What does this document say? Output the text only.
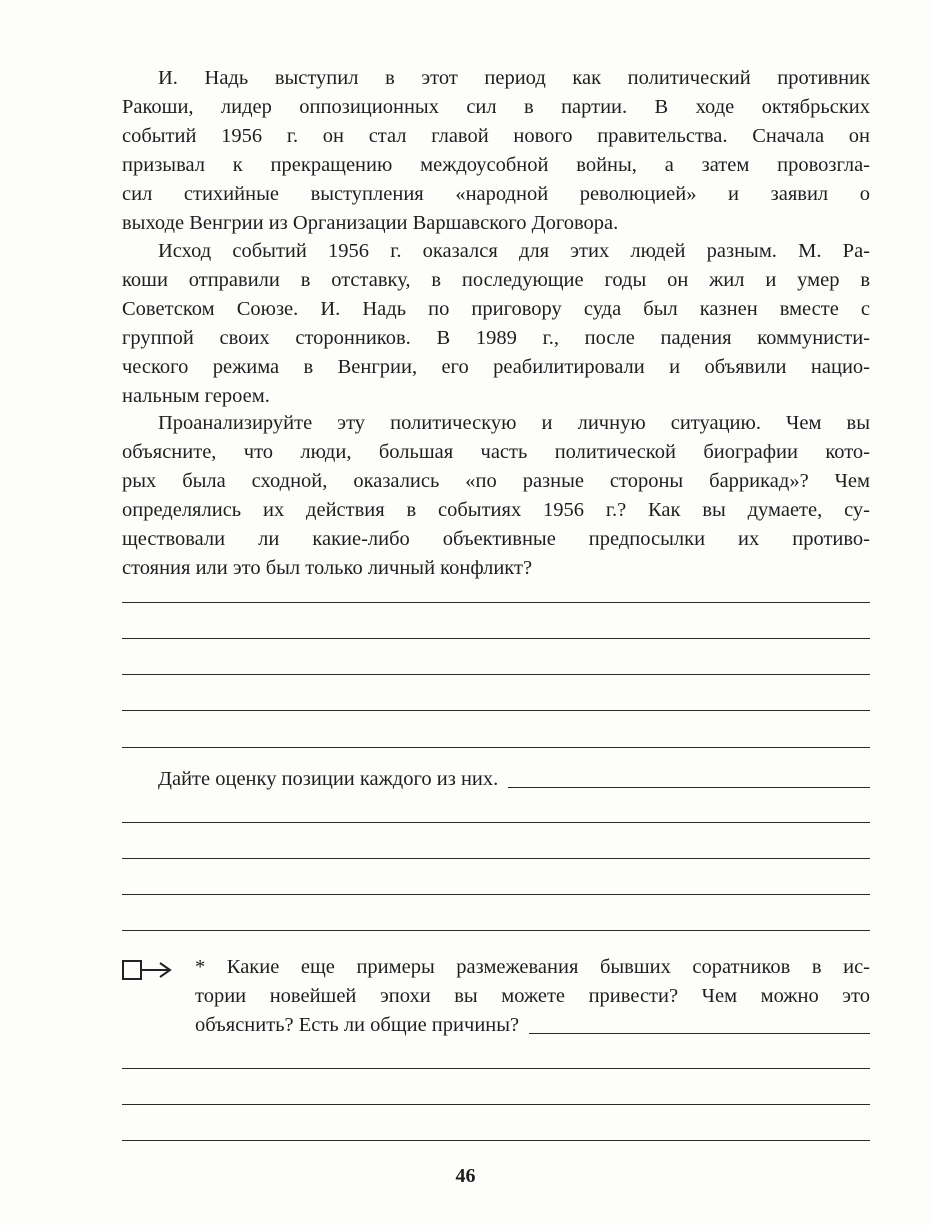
И. Надь выступил в этот период как политический противник

Ракоши, лидер оппозиционных сил в партии. В ходе октябрьских

событий 1956 г. он стал главой нового правительства. Сначала он

призывал к прекращению междоусобной войны, а затем провозгла-

сил стихийные выступления «народной революцией» и заявил о

выходе Венгрии из Организации Варшавского Договора.

Исход событий 1956 г. оказался для этих людей разным. М. Ра-

коши отправили в отставку, в последующие годы он жил и умер в

Советском Союзе. И. Надь по приговору суда был казнен вместе с

группой своих сторонников. В 1989 г., после падения коммунисти-

ческого режима в Венгрии, его реабилитировали и объявили нацио-

нальным героем.

Проанализируйте эту политическую и личную ситуацию. Чем вы

объясните, что люди, большая часть политической биографии кото-

рых была сходной, оказались «по разные стороны баррикад»? Чем

определялись их действия в событиях 1956 г.? Как вы думаете, су-

ществовали ли какие-либо объективные предпосылки их противо-

стояния или это был только личный конфликт?

Дайте оценку позиции каждого из них.

* Какие еще примеры размежевания бывших соратников в ис-

тории новейшей эпохи вы можете привести? Чем можно это

объяснить? Есть ли общие причины?
46
